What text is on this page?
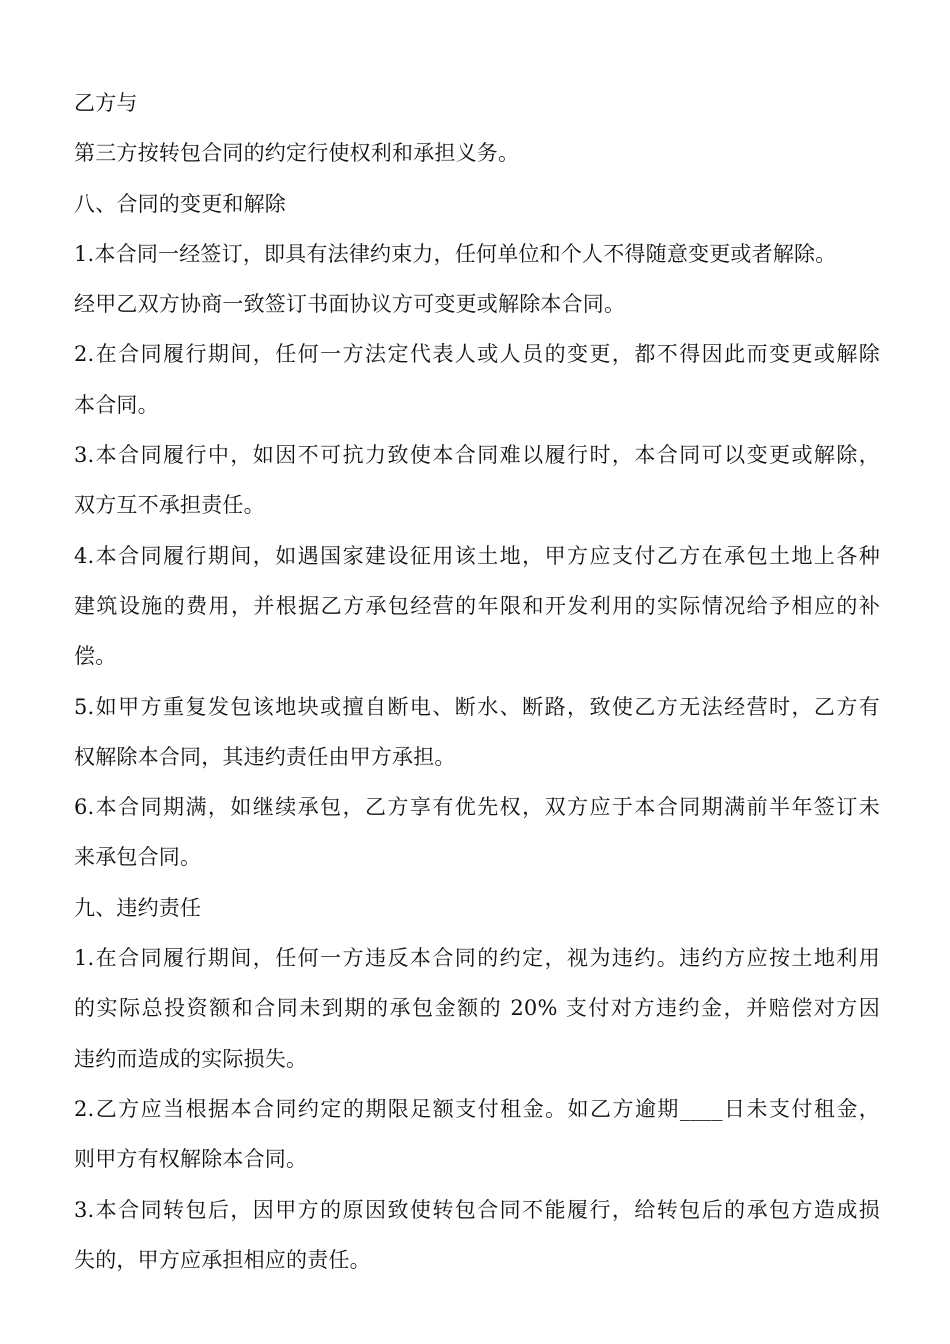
乙方与
第三方按转包合同的约定行使权利和承担义务。
八、合同的变更和解除
1.本合同一经签订，即具有法律约束力，任何单位和个人不得随意变更或者解除。
经甲乙双方协商一致签订书面协议方可变更或解除本合同。
2.在合同履行期间，任何一方法定代表人或人员的变更，都不得因此而变更或解除
本合同。
3.本合同履行中，如因不可抗力致使本合同难以履行时，本合同可以变更或解除，
双方互不承担责任。
4.本合同履行期间，如遇国家建设征用该土地，甲方应支付乙方在承包土地上各种
建筑设施的费用，并根据乙方承包经营的年限和开发利用的实际情况给予相应的补
偿。
5.如甲方重复发包该地块或擅自断电、断水、断路，致使乙方无法经营时，乙方有
权解除本合同，其违约责任由甲方承担。
6.本合同期满，如继续承包，乙方享有优先权，双方应于本合同期满前半年签订未
来承包合同。
九、违约责任
1.在合同履行期间，任何一方违反本合同的约定，视为违约。违约方应按土地利用
的实际总投资额和合同未到期的承包金额的 20% 支付对方违约金，并赔偿对方因
违约而造成的实际损失。
2.乙方应当根据本合同约定的期限足额支付租金。如乙方逾期____日未支付租金，
则甲方有权解除本合同。
3.本合同转包后，因甲方的原因致使转包合同不能履行，给转包后的承包方造成损
失的，甲方应承担相应的责任。
